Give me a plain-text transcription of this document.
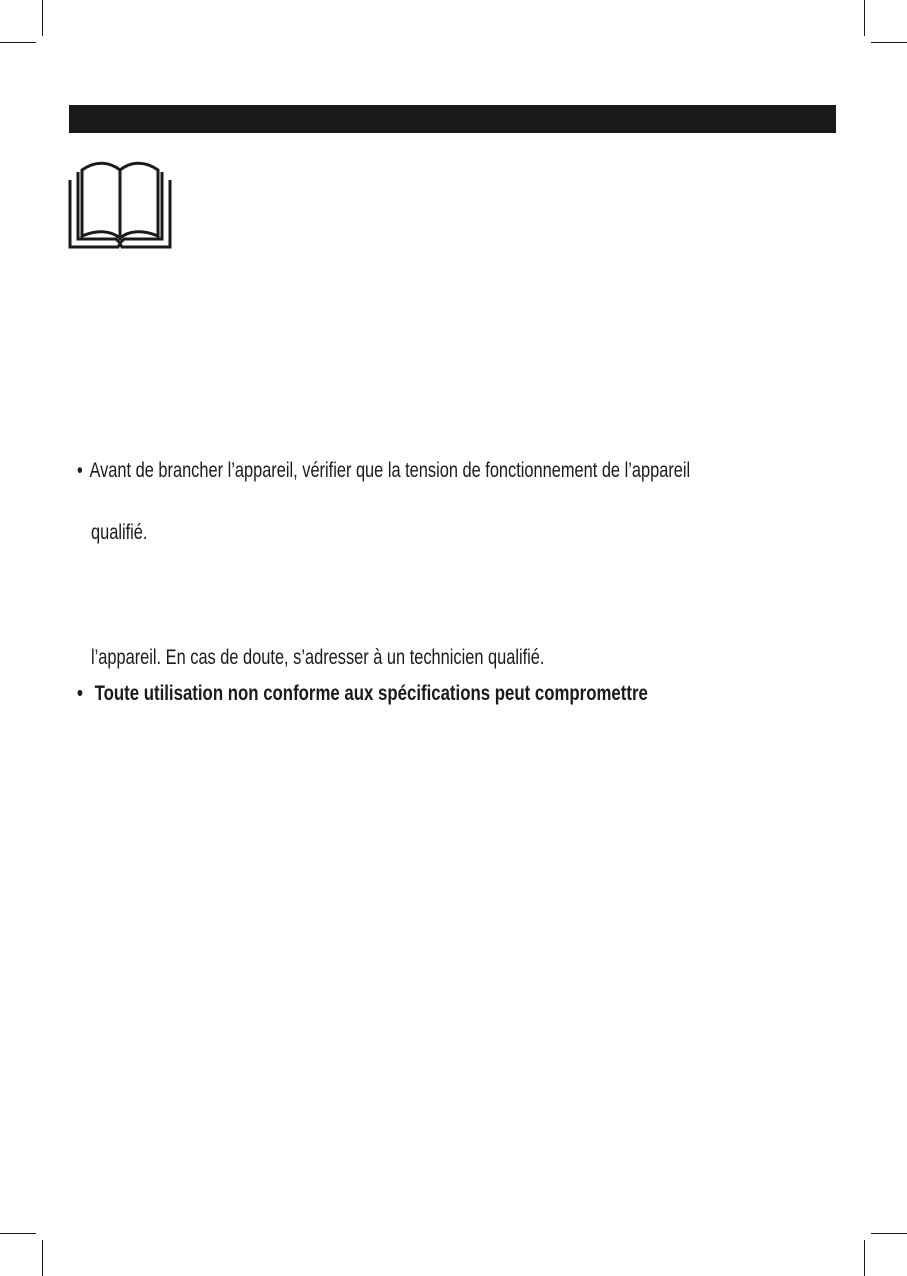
• Avant de brancher l’appareil, vérifier que la tension de fonctionnement de l’appareil
qualifié.
l’appareil. En cas de doute, s’adresser à un technicien qualifié.
• Toute utilisation non conforme aux spécifications peut compromettre
